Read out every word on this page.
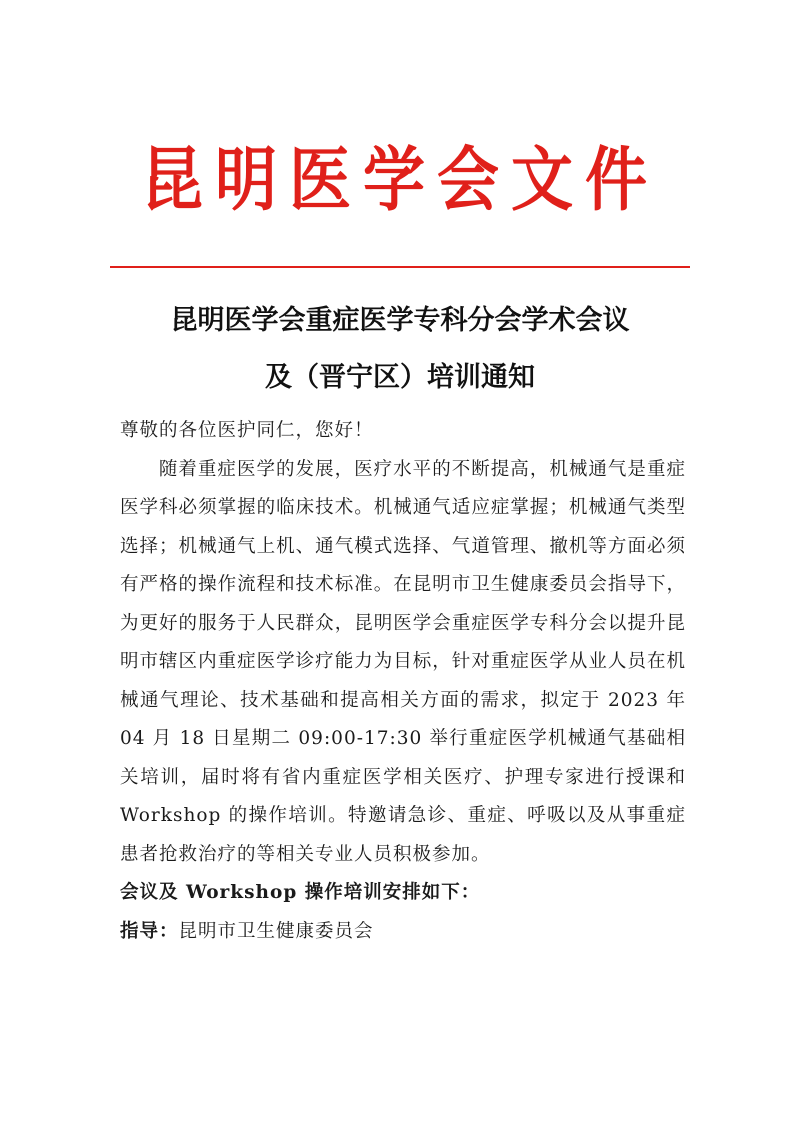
昆明医学会文件
昆明医学会重症医学专科分会学术会议
及（晋宁区）培训通知

尊敬的各位医护同仁，您好！

随着重症医学的发展，医疗水平的不断提高，机械通气是重症医学科必须掌握的临床技术。机械通气适应症掌握；机械通气类型选择；机械通气上机、通气模式选择、气道管理、撤机等方面必须有严格的操作流程和技术标准。在昆明市卫生健康委员会指导下，为更好的服务于人民群众，昆明医学会重症医学专科分会以提升昆明市辖区内重症医学诊疗能力为目标，针对重症医学从业人员在机械通气理论、技术基础和提高相关方面的需求，拟定于 2023 年 04 月 18 日星期二 09:00-17:30 举行重症医学机械通气基础相关培训，届时将有省内重症医学相关医疗、护理专家进行授课和 Workshop 的操作培训。特邀请急诊、重症、呼吸以及从事重症患者抢救治疗的等相关专业人员积极参加。

会议及 Workshop 操作培训安排如下：

指导：昆明市卫生健康委员会
